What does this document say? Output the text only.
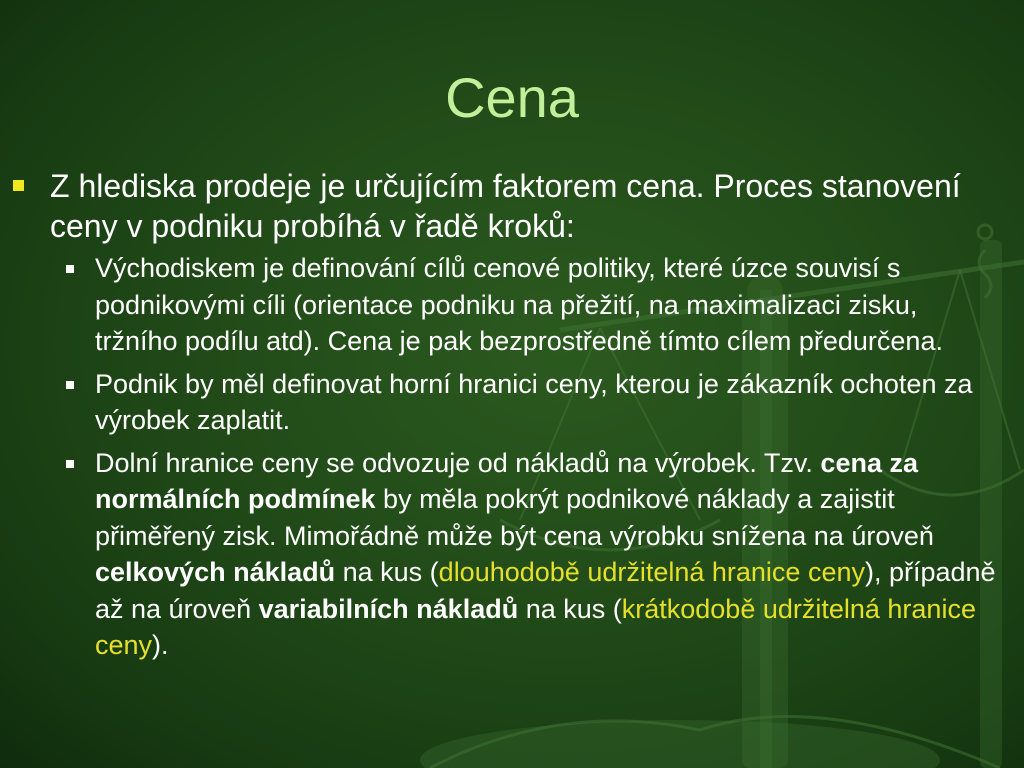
Cena
Z hlediska prodeje je určujícím faktorem cena. Proces stanovení ceny v podniku probíhá v řadě kroků:
Východiskem je definování cílů cenové politiky, které úzce souvisí s podnikovými cíli (orientace podniku na přežití, na maximalizaci zisku, tržního podílu atd). Cena je pak bezprostředně tímto cílem předurčena.
Podnik by měl definovat horní hranici ceny, kterou je zákazník ochoten za výrobek zaplatit.
Dolní hranice ceny se odvozuje od nákladů na výrobek. Tzv. cena za normálních podmínek by měla pokrýt podnikové náklady a zajistit přiměřený zisk. Mimořádně může být cena výrobku snížena na úroveň celkových nákladů na kus (dlouhodobě udržitelná hranice ceny), případně až na úroveň variabilních nákladů na kus (krátkodobě udržitelná hranice ceny).
